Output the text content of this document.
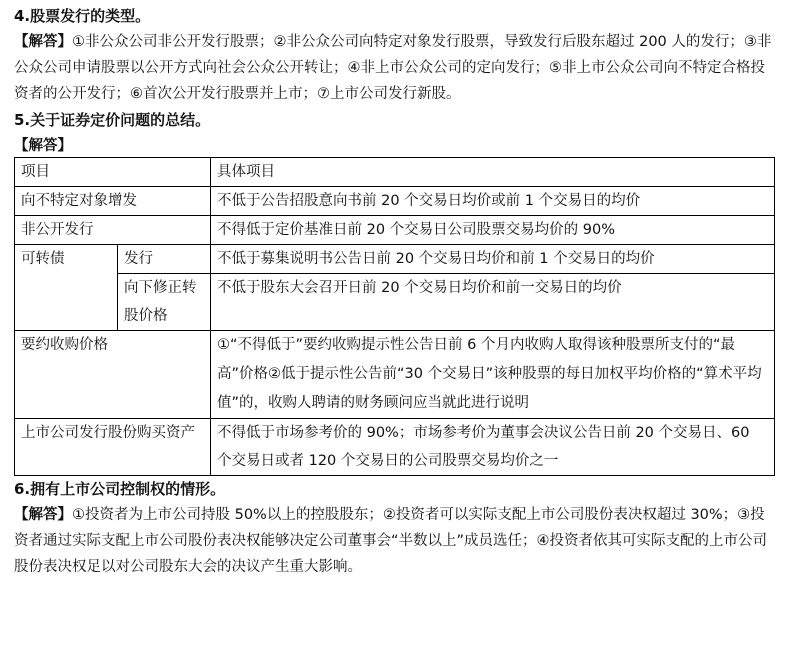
4.股票发行的类型。

【解答】①非公众公司非公开发行股票；②非公众公司向特定对象发行股票，导致发行后股东超过 200 人的发行；③非公众公司申请股票以公开方式向社会公众公开转让；④非上市公众公司的定向发行；⑤非上市公众公司向不特定合格投资者的公开发行；⑥首次公开发行股票并上市；⑦上市公司发行新股。

5.关于证券定价问题的总结。
【解答】
项目		具体项目
向不特定对象增发		不低于公告招股意向书前 20 个交易日均价或前 1 个交易日的均价
非公开发行		不得低于定价基准日前 20 个交易日公司股票交易均价的 90%
可转债	发行	不低于募集说明书公告日前 20 个交易日均价和前 1 个交易日的均价
	向下修正转股价格	不低于股东大会召开日前 20 个交易日均价和前一交易日的均价
要约收购价格		①“不得低于”要约收购提示性公告日前 6 个月内收购人取得该种股票所支付的“最高”价格②低于提示性公告前“30 个交易日”该种股票的每日加权平均价格的“算术平均值”的，收购人聘请的财务顾问应当就此进行说明
上市公司发行股份购买资产		不得低于市场参考价的 90%；市场参考价为董事会决议公告日前 20 个交易日、60 个交易日或者 120 个交易日的公司股票交易均价之一
6.拥有上市公司控制权的情形。

【解答】①投资者为上市公司持股 50%以上的控股股东；②投资者可以实际支配上市公司股份表决权超过 30%；③投资者通过实际支配上市公司股份表决权能够决定公司董事会“半数以上”成员选任；④投资者依其可实际支配的上市公司股份表决权足以对公司股东大会的决议产生重大影响。
